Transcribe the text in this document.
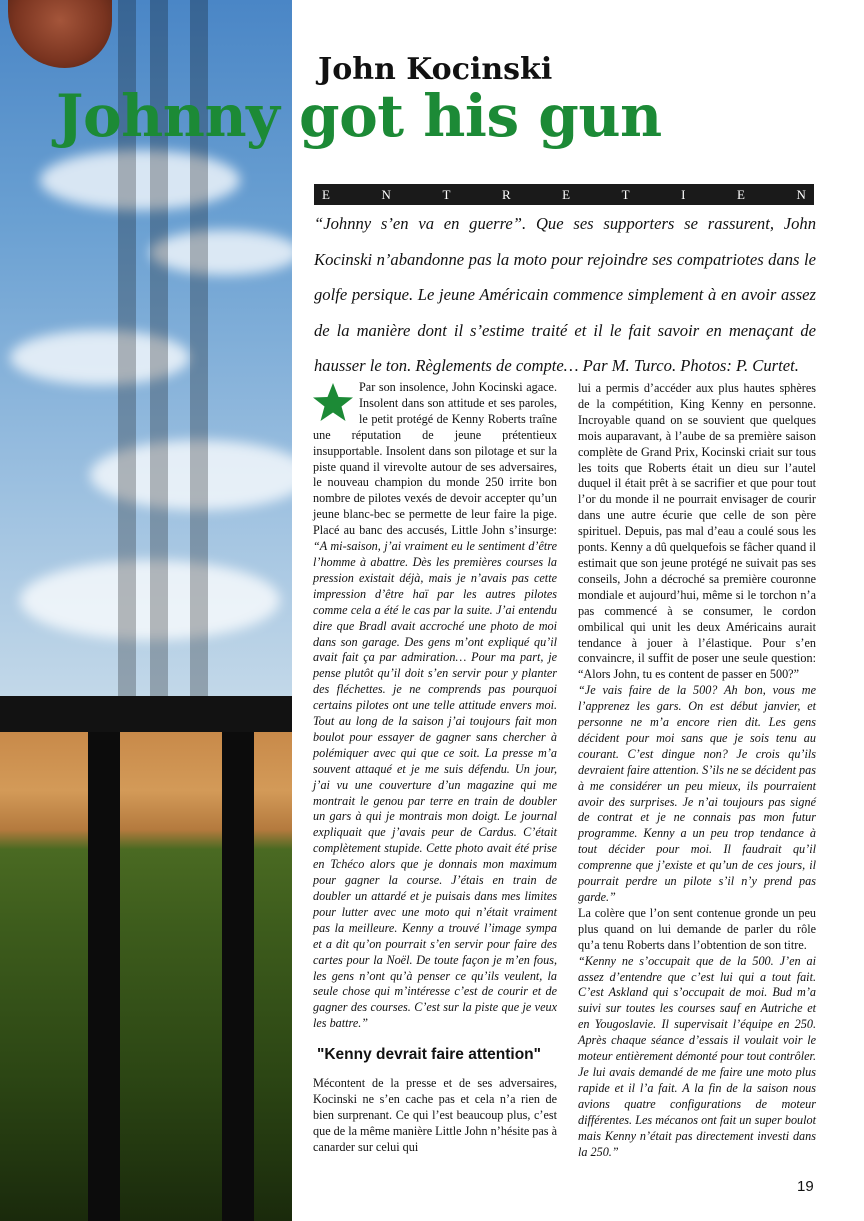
John Kocinski
Johnny got his gun
E	N	T	R	E	T	I	E	N

“Johnny s’en va en guerre”. Que ses supporters se rassurent, John Kocinski n’abandonne pas la moto pour rejoindre ses compatriotes dans le golfe persique. Le jeune Américain commence simplement à en avoir assez de la manière dont il s’estime traité et il le fait savoir en menaçant de hausser le ton. Règlements de compte… Par M. Turco. Photos: P. Curtet.

Par son insolence, John Kocinski agace. Insolent dans son attitude et ses paroles, le petit protégé de Kenny Roberts traîne une réputation de jeune prétentieux insupportable. Insolent dans son pilotage et sur la piste quand il virevolte autour de ses adversaires, le nouveau champion du monde 250 irrite bon nombre de pilotes vexés de devoir accepter qu’un jeune blanc-bec se permette de leur faire la pige. Placé au banc des accusés, Little John s’insurge: “A mi-saison, j’ai vraiment eu le sentiment d’être l’homme à abattre. Dès les premières courses la pression existait déjà, mais je n’avais pas cette impression d’être haï par les autres pilotes comme cela a été le cas par la suite. J’ai entendu dire que Bradl avait accroché une photo de moi dans son garage. Des gens m’ont expliqué qu’il avait fait ça par admiration… Pour ma part, je pense plutôt qu’il doit s’en servir pour y planter des fléchettes. je ne comprends pas pourquoi certains pilotes ont une telle attitude envers moi. Tout au long de la saison j’ai toujours fait mon boulot pour essayer de gagner sans chercher à polémiquer avec qui que ce soit. La presse m’a souvent attaqué et je me suis défendu. Un jour, j’ai vu une couverture d’un magazine qui me montrait le genou par terre en train de doubler un gars à qui je montrais mon doigt. Le journal expliquait que j’avais peur de Cardus. C’était complètement stupide. Cette photo avait été prise en Tchéco alors que je donnais mon maximum pour gagner la course. J’étais en train de doubler un attardé et je puisais dans mes limites pour lutter avec une moto qui n’était vraiment pas la meilleure. Kenny a trouvé l’image sympa et a dit qu’on pourrait s’en servir pour faire des cartes pour la Noël. De toute façon je m’en fous, les gens n’ont qu’à penser ce qu’ils veulent, la seule chose qui m’intéresse c’est de courir et de gagner des courses. C’est sur la piste que je veux les battre.”

"Kenny devrait faire attention"

Mécontent de la presse et de ses adversaires, Kocinski ne s’en cache pas et cela n’a rien de bien surprenant. Ce qui l’est beaucoup plus, c’est que de la même manière Little John n’hésite pas à canarder sur celui qui

lui a permis d’accéder aux plus hautes sphères de la compétition, King Kenny en personne. Incroyable quand on se souvient que quelques mois auparavant, à l’aube de sa première saison complète de Grand Prix, Kocinski criait sur tous les toits que Roberts était un dieu sur l’autel duquel il était prêt à se sacrifier et que pour tout l’or du monde il ne pourrait envisager de courir dans une autre écurie que celle de son père spirituel. Depuis, pas mal d’eau a coulé sous les ponts. Kenny a dû quelquefois se fâcher quand il estimait que son jeune protégé ne suivait pas ses conseils, John a décroché sa première couronne mondiale et aujourd’hui, même si le torchon n’a pas commencé à se consumer, le cordon ombilical qui unit les deux Américains aurait tendance à jouer à l’élastique. Pour s’en convaincre, il suffit de poser une seule question: “Alors John, tu es content de passer en 500?”

“Je vais faire de la 500? Ah bon, vous me l’apprenez les gars. On est début janvier, et personne ne m’a encore rien dit. Les gens décident pour moi sans que je sois tenu au courant. C’est dingue non? Je crois qu’ils devraient faire attention. S’ils ne se décident pas à me considérer un peu mieux, ils pourraient avoir des surprises. Je n’ai toujours pas signé de contrat et je ne connais pas mon futur programme. Kenny a un peu trop tendance à tout décider pour moi. Il faudrait qu’il comprenne que j’existe et qu’un de ces jours, il pourrait perdre un pilote s’il n’y prend pas garde.”

La colère que l’on sent contenue gronde un peu plus quand on lui demande de parler du rôle qu’a tenu Roberts dans l’obtention de son titre.

“Kenny ne s’occupait que de la 500. J’en ai assez d’entendre que c’est lui qui a tout fait. C’est Askland qui s’occupait de moi. Bud m’a suivi sur toutes les courses sauf en Autriche et en Yougoslavie. Il supervisait l’équipe en 250. Après chaque séance d’essais il voulait voir le moteur entièrement démonté pour tout contrôler. Je lui avais demandé de me faire une moto plus rapide et il l’a fait. A la fin de la saison nous avions quatre configurations de moteur différentes. Les mécanos ont fait un super boulot mais Kenny n’était pas directement investi dans la 250.”

19
